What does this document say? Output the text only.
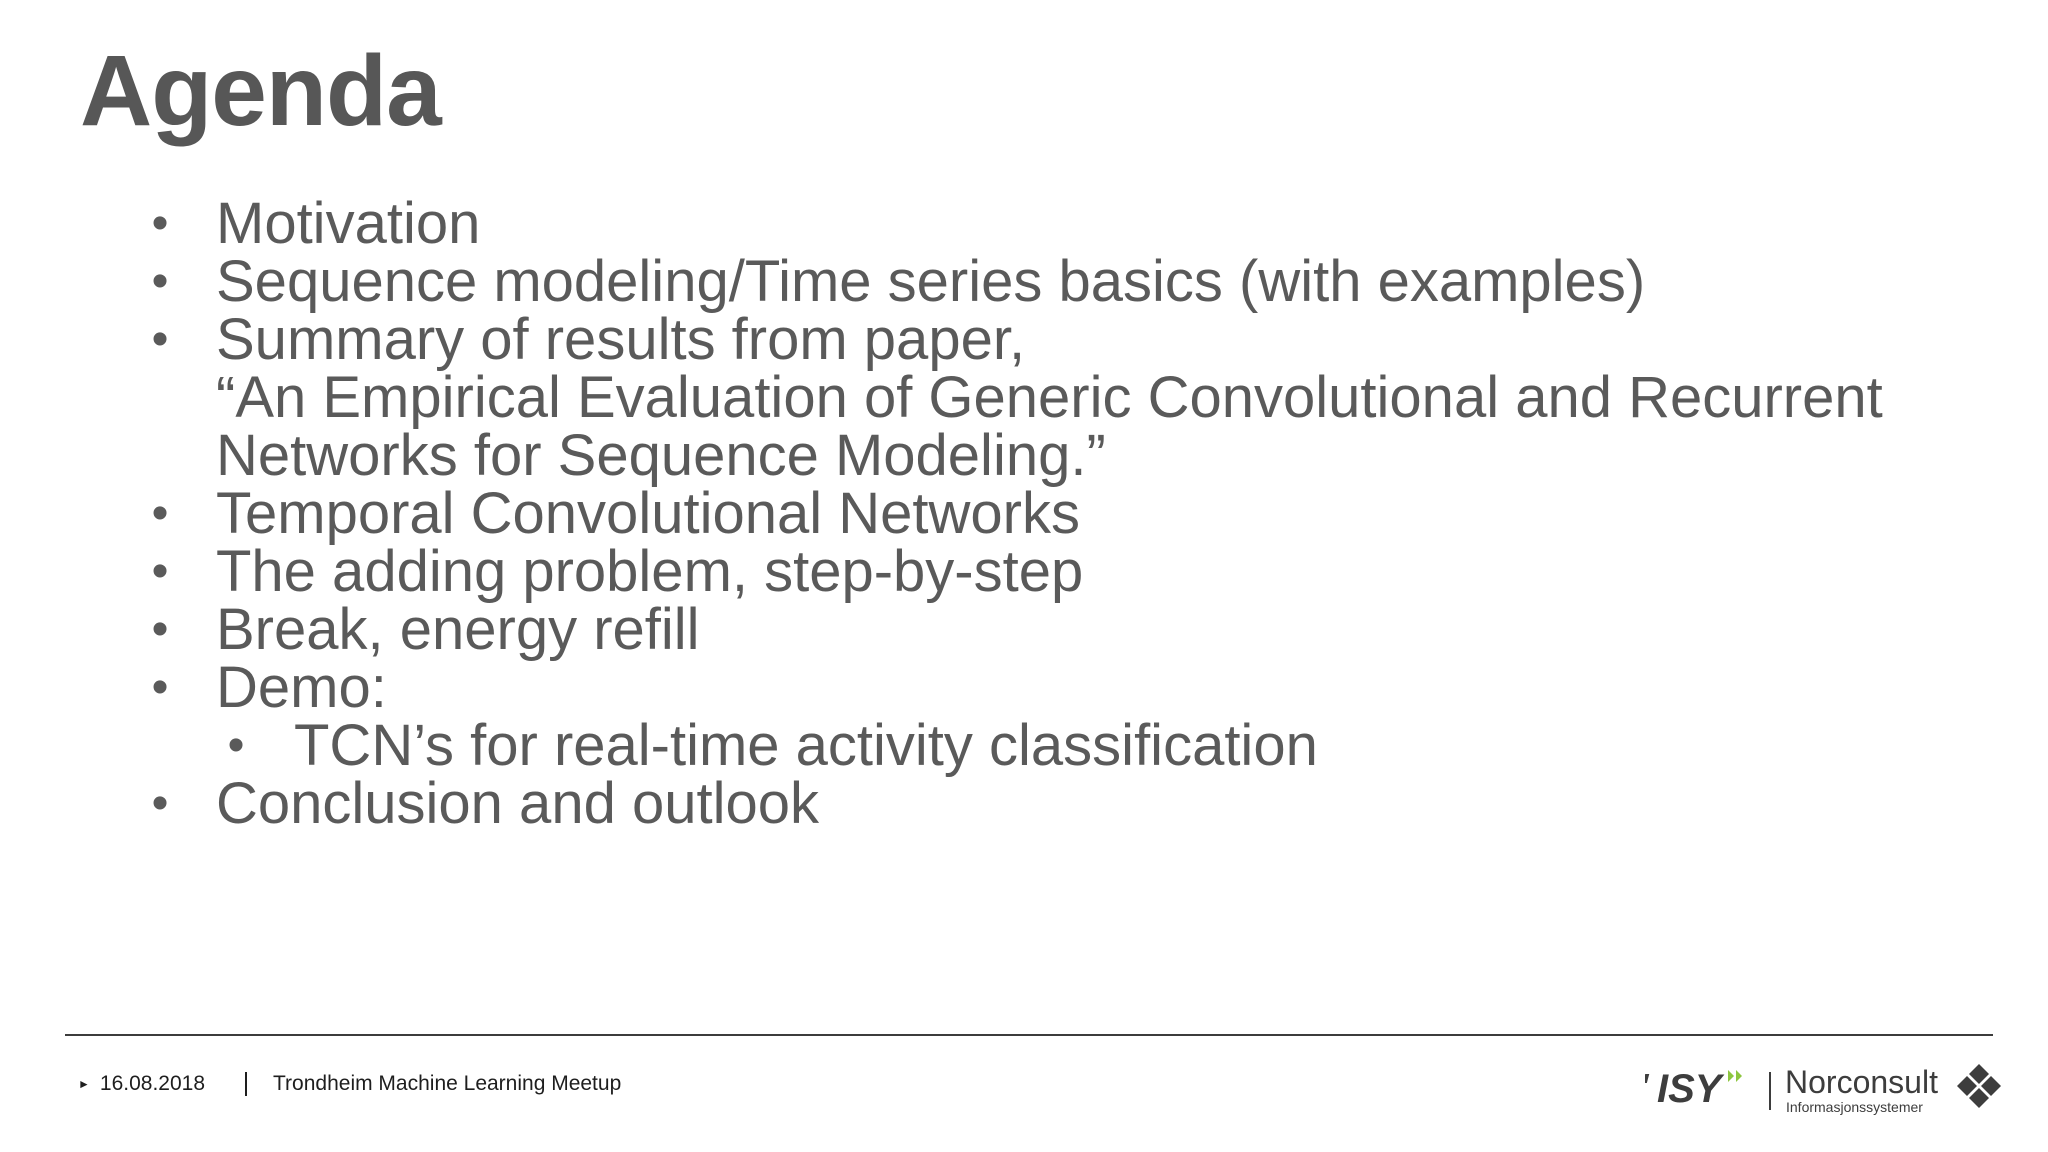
Agenda
• Motivation
• Sequence modeling/Time series basics (with examples)
• Summary of results from paper,
“An Empirical Evaluation of Generic Convolutional and Recurrent
Networks for Sequence Modeling.”
• Temporal Convolutional Networks
• The adding problem, step-by-step
• Break, energy refill
• Demo:
• TCN’s for real-time activity classification
• Conclusion and outlook
► 16.08.2018	Trondheim Machine Learning Meetup	ISY Norconsult
Informasjonssystemer
